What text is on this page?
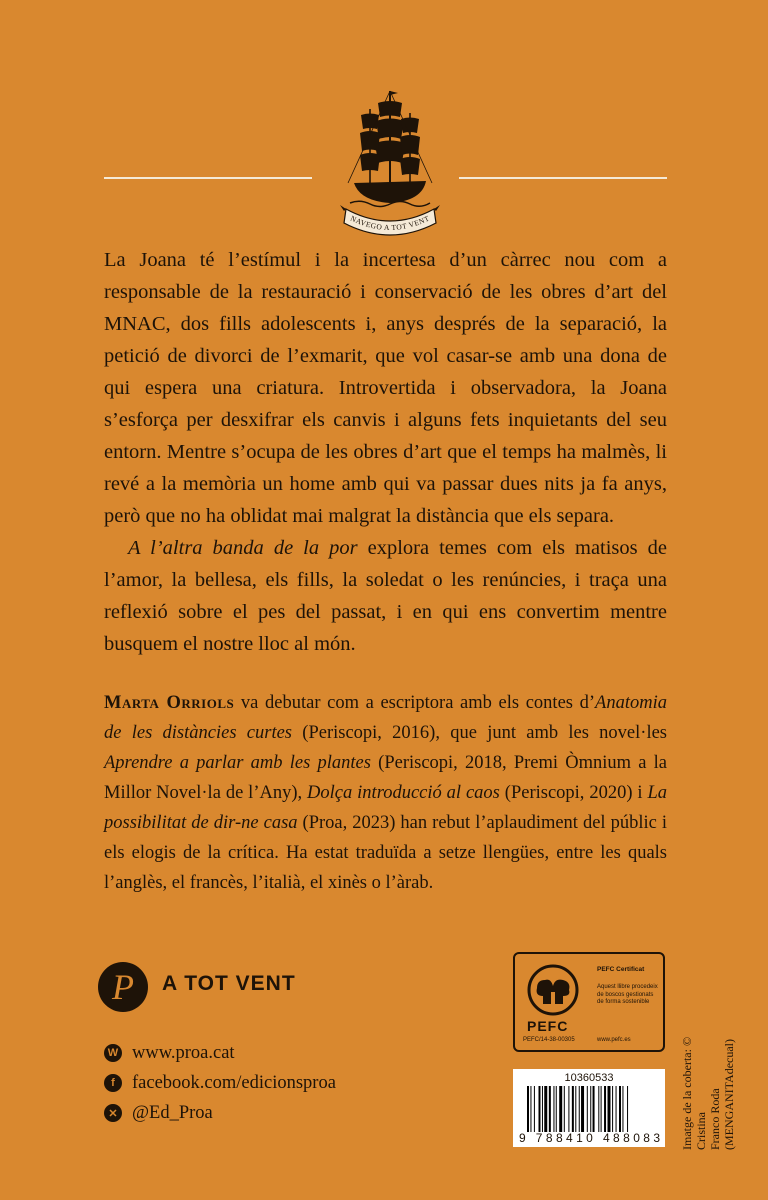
NAVEGO A TOT VENT

La Joana té l’estímul i la incertesa d’un càrrec nou com a responsable de la restauració i conservació de les obres d’art del MNAC, dos fills adolescents i, anys després de la separació, la petició de divorci de l’exmarit, que vol casar-se amb una dona de qui espera una criatura. Introvertida i observadora, la Joana s’esforça per desxifrar els canvis i alguns fets inquietants del seu entorn. Mentre s’ocupa de les obres d’art que el temps ha malmès, li revé a la memòria un home amb qui va passar dues nits ja fa anys, però que no ha oblidat mai malgrat la distància que els separa.

A l’altra banda de la por explora temes com els matisos de l’amor, la bellesa, els fills, la soledat o les renúncies, i traça una reflexió sobre el pes del passat, i en qui ens convertim mentre busquem el nostre lloc al món.

Marta Orriols va debutar com a escriptora amb els contes d’Anatomia de les distàncies curtes (Periscopi, 2016), que junt amb les novel·les Aprendre a parlar amb les plantes (Periscopi, 2018, Premi Òmnium a la Millor Novel·la de l’Any), Dolça introducció al caos (Periscopi, 2020) i La possibilitat de dir-ne casa (Proa, 2023) han rebut l’aplaudiment del públic i els elogis de la crítica. Ha estat traduïda a setze llengües, entre les quals l’anglès, el francès, l’italià, el xinès o l’àrab.

P A TOT VENT
W www.proa.cat
f facebook.com/edicionsproa
✕ @Ed_Proa
PEFC
PEFC/14-38-00305
PEFC Certificat
Aquest llibre procedeix de boscos gestionats de forma sostenible
www.pefc.es
10360533
9 788410 488083 Imatge de la coberta: © Cristina Franco Roda (MENGANITAdecual)
